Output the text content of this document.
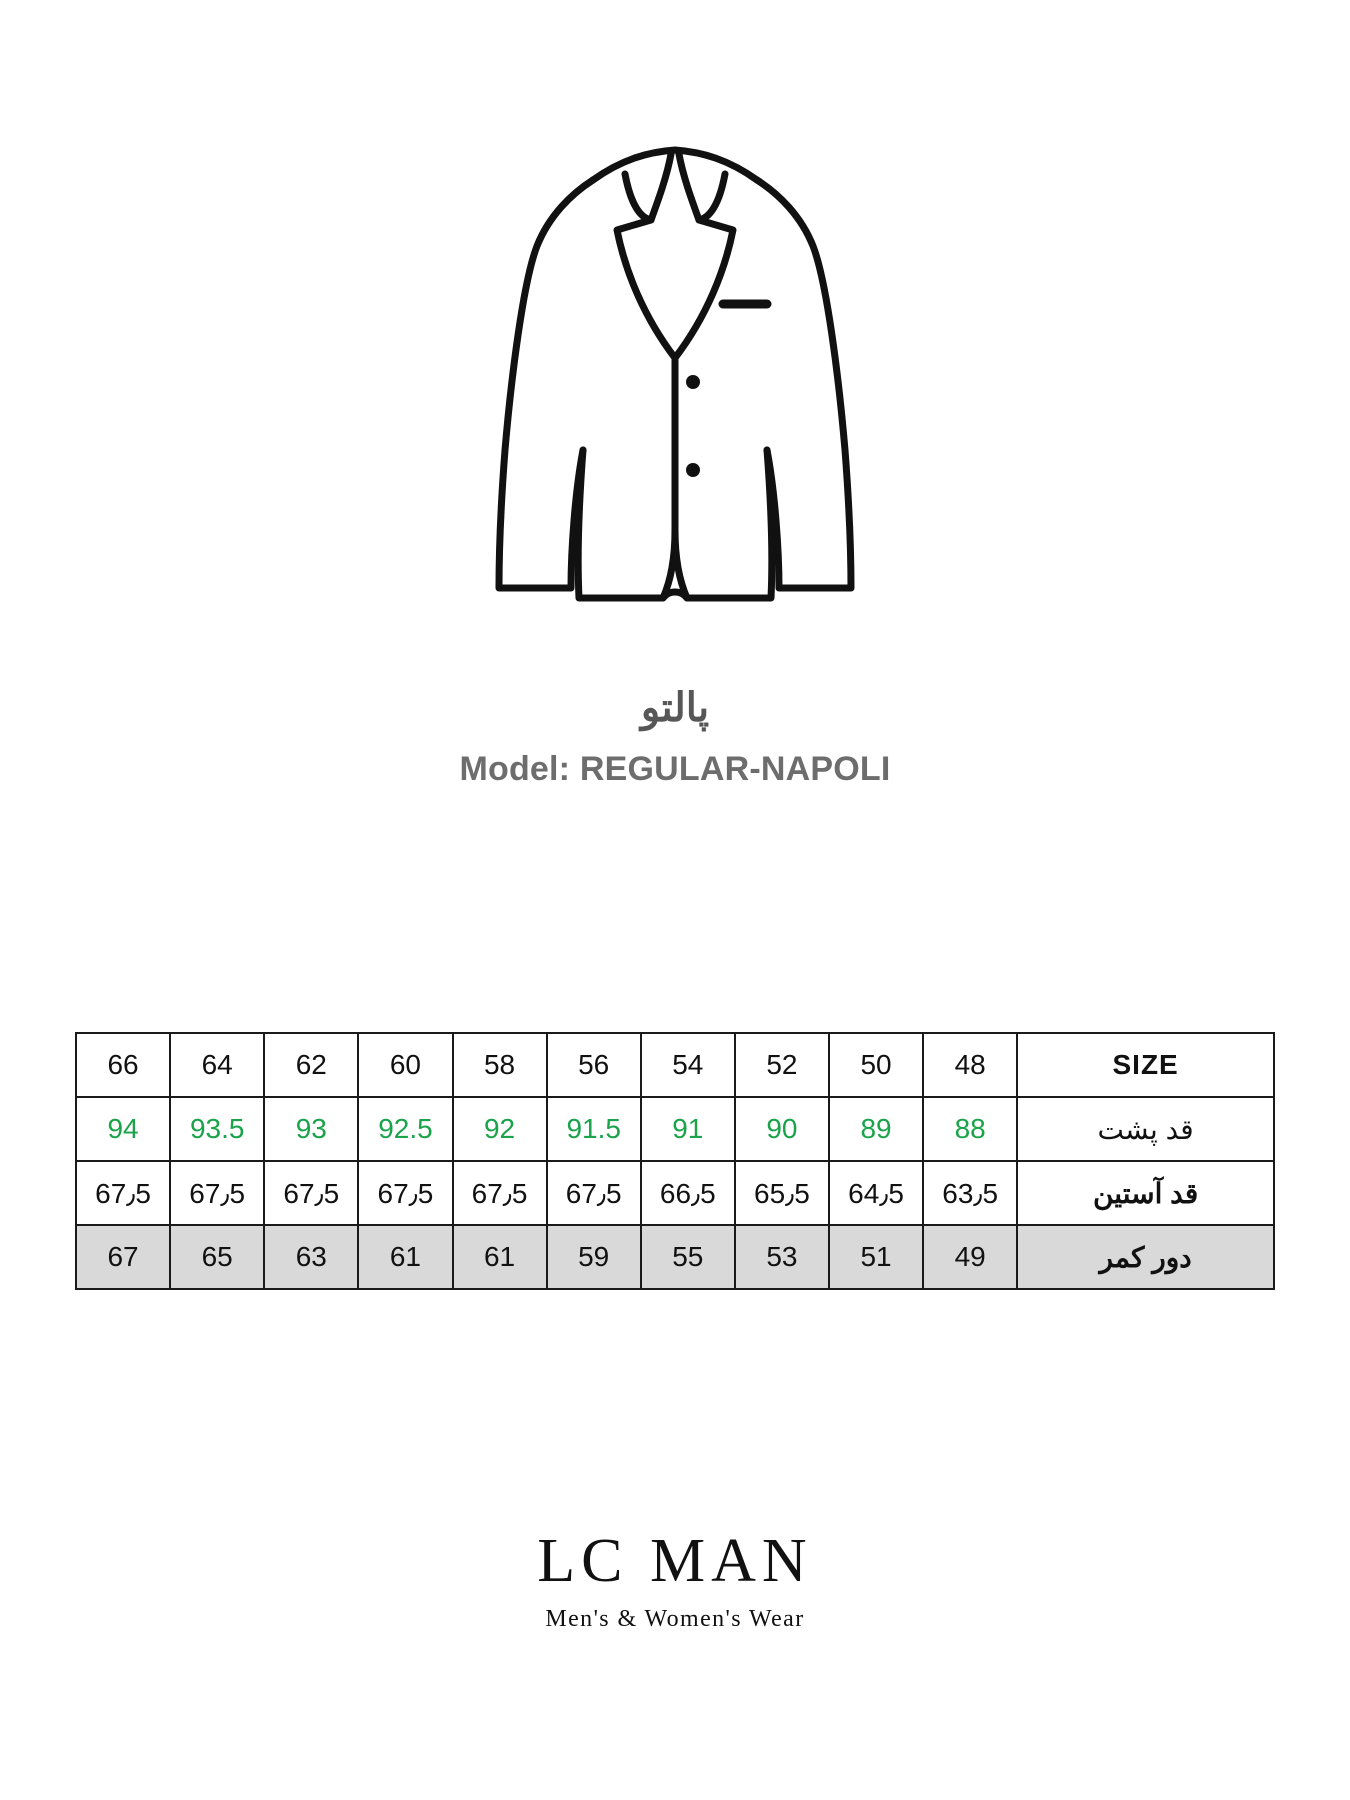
پالتو
Model: REGULAR-NAPOLI
66	64	62	60	58	56	54	52	50	48	SIZE
94	93.5	93	92.5	92	91.5	91	90	89	88	قد پشت
67٫5	67٫5	67٫5	67٫5	67٫5	67٫5	66٫5	65٫5	64٫5	63٫5	قد آستین
67	65	63	61	61	59	55	53	51	49	دور کمر
LC MAN
Men's & Women's Wear
